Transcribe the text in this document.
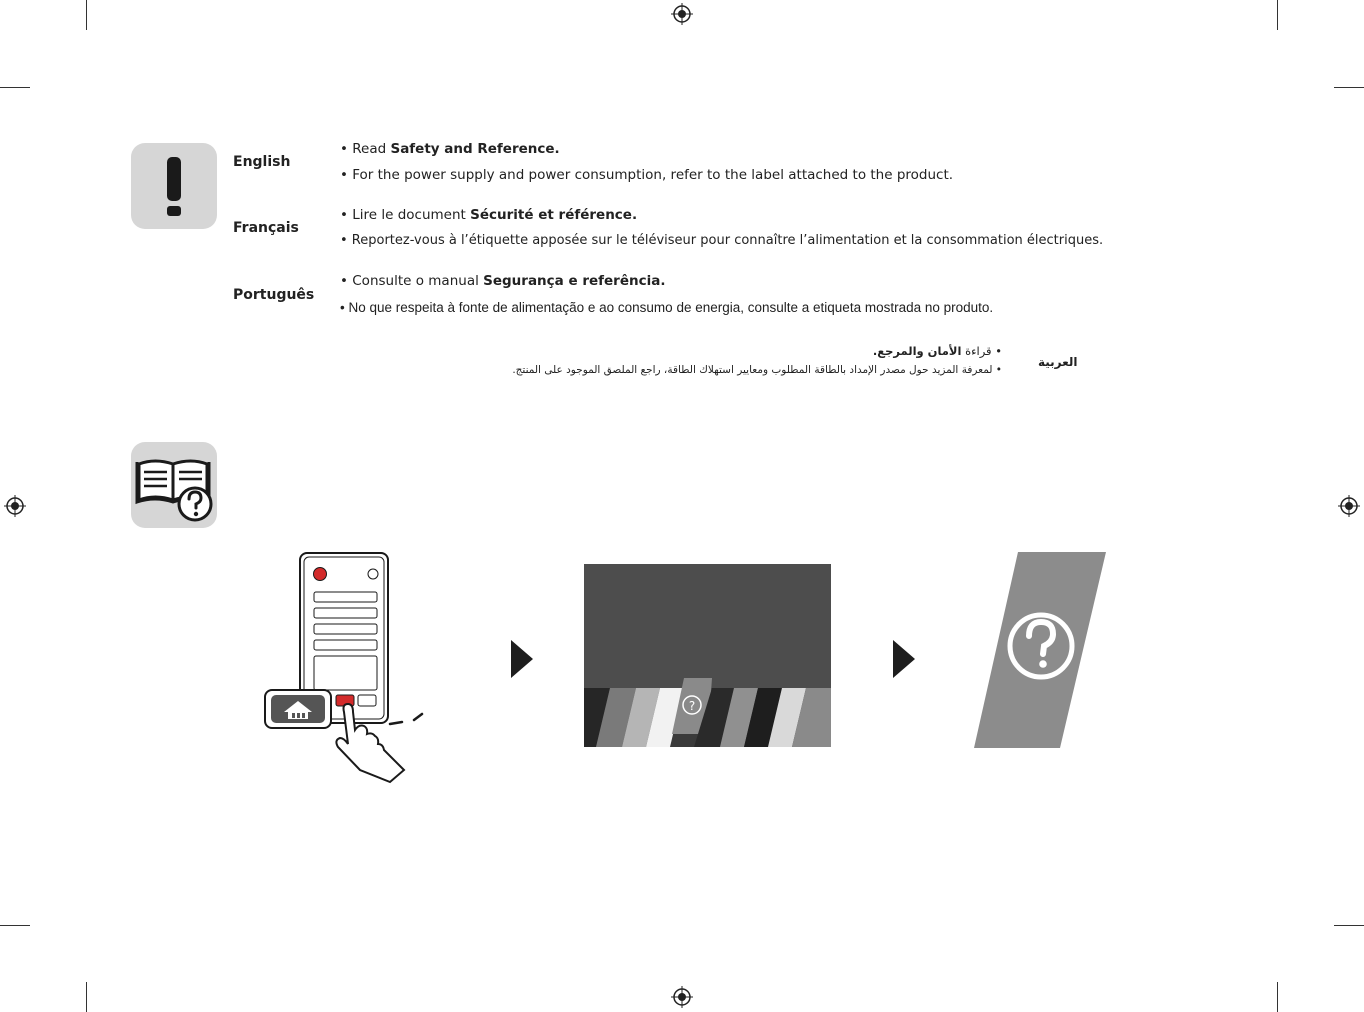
English
• Read Safety and Reference.
• For the power supply and power consumption, refer to the label attached to the product.
Français
• Lire le document Sécurité et référence.
• Reportez-vous à l’étiquette apposée sur le téléviseur pour connaître l’alimentation et la consommation électriques.
Português
• Consulte o manual Segurança e referência.
• No que respeita à fonte de alimentação e ao consumo de energia, consulte a etiqueta mostrada no produto.
العربية
• قراءة الأمان والمرجع.
• لمعرفة المزيد حول مصدر الإمداد بالطاقة المطلوب ومعايير استهلاك الطاقة، راجع الملصق الموجود على المنتج.
?
